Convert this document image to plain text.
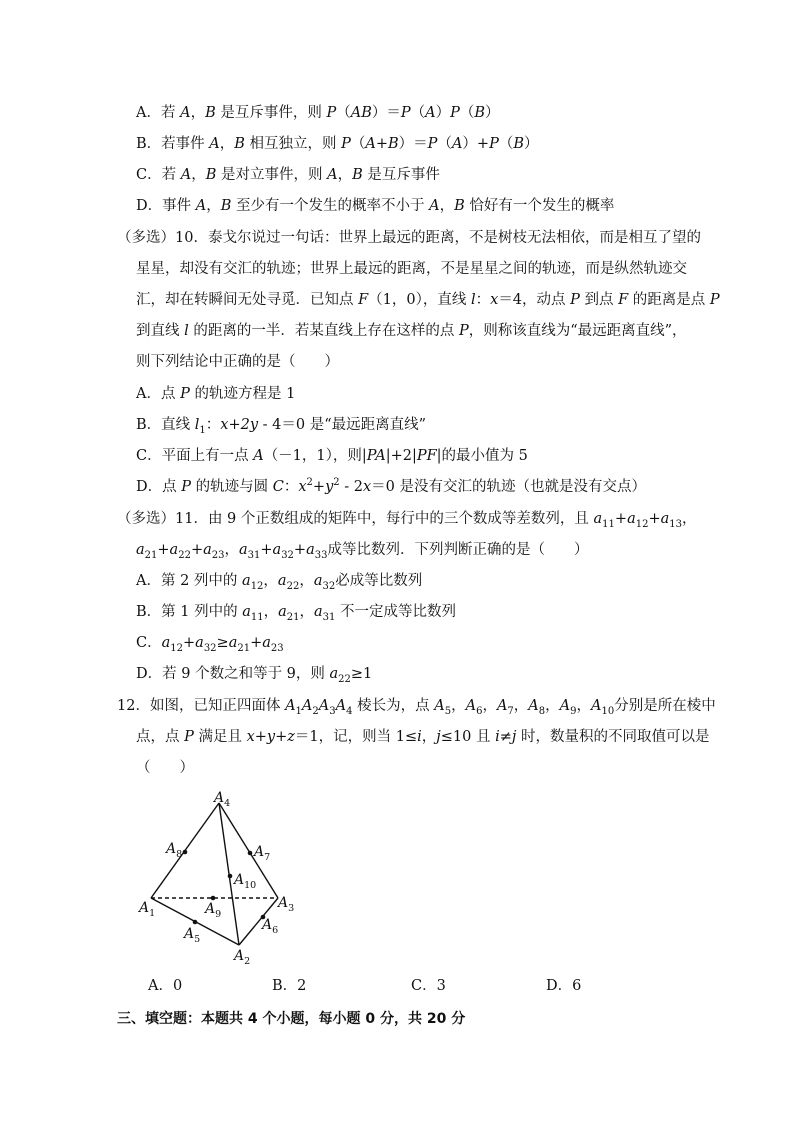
A．若 A，B 是互斥事件，则 P（AB）＝P（A）P（B）
B．若事件 A，B 相互独立，则 P（A+B）＝P（A）+P（B）
C．若 A，B 是对立事件，则 A，B 是互斥事件
D．事件 A，B 至少有一个发生的概率不小于 A，B 恰好有一个发生的概率
（多选）10．泰戈尔说过一句话：世界上最远的距离，不是树枝无法相依，而是相互了望的
星星，却没有交汇的轨迹；世界上最远的距离，不是星星之间的轨迹，而是纵然轨迹交
汇，却在转瞬间无处寻觅．已知点 F（1，0），直线 l：x＝4，动点 P 到点 F 的距离是点 P
到直线 l 的距离的一半．若某直线上存在这样的点 P，则称该直线为“最远距离直线”，
则下列结论中正确的是（　　）
A．点 P 的轨迹方程是 1
B．直线 $l_1$：x+2y - 4＝0 是“最远距离直线”
C．平面上有一点 A（－1，1），则|PA|+2|PF|的最小值为 5
D．点 P 的轨迹与圆 C：$x^2+y^2 - 2x=0$ 是没有交汇的轨迹（也就是没有交点）
（多选）11．由 9 个正数组成的矩阵中，每行中的三个数成等差数列，且 $a_{11}+a_{12}+a_{13}$，
$a_{21}+a_{22}+a_{23}$，$a_{31}+a_{32}+a_{33}$成等比数列．下列判断正确的是（　　）
A．第 2 列中的 $a_{12}$，$a_{22}$，$a_{32}$必成等比数列
B．第 1 列中的 $a_{11}$，$a_{21}$，$a_{31}$ 不一定成等比数列
C．$a_{12}+a_{32}\ge a_{21}+a_{23}$
D．若 9 个数之和等于 9，则 $a_{22}\ge 1$
12．如图，已知正四面体 $A_1A_2A_3A_4$ 棱长为，点 $A_5$，$A_6$，$A_7$，$A_8$，$A_9$，$A_{10}$分别是所在棱中
点，点 P 满足且 x+y+z＝1，记，则当 1≤i，j≤10 且 i≠j 时，数量积的不同取值可以是
（　　）
$A_4$
$A_8$	$A_7$
$A_{10}$
$A_1$	$A_9$
$A_3$
$A_6$
$A_5$
$A_2$
A．0	B．2	C．3	D．6
三、填空题：本题共 4 个小题，每小题 0 分，共 20 分
